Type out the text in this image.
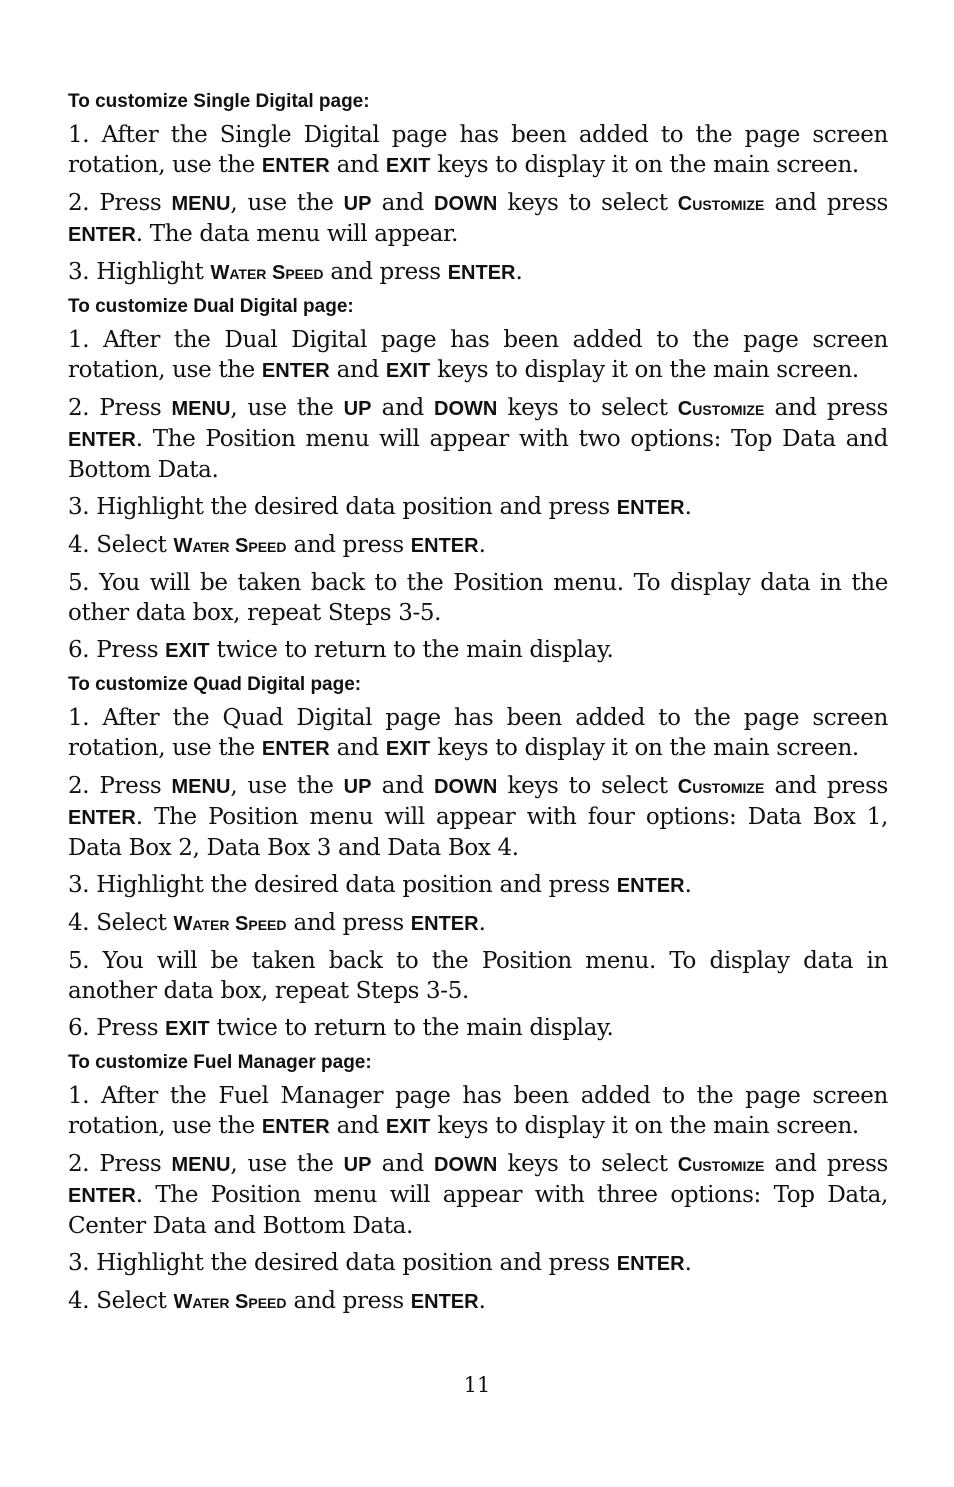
To customize Single Digital page:
1. After the Single Digital page has been added to the page screen rotation, use the ENTER and EXIT keys to display it on the main screen.
2. Press MENU, use the UP and DOWN keys to select Customize and press ENTER. The data menu will appear.
3. Highlight Water Speed and press ENTER.
To customize Dual Digital page:
1. After the Dual Digital page has been added to the page screen rotation, use the ENTER and EXIT keys to display it on the main screen.
2. Press MENU, use the UP and DOWN keys to select Customize and press ENTER. The Position menu will appear with two options: Top Data and Bottom Data.
3. Highlight the desired data position and press ENTER.
4. Select Water Speed and press ENTER.
5. You will be taken back to the Position menu. To display data in the other data box, repeat Steps 3-5.
6. Press EXIT twice to return to the main display.
To customize Quad Digital page:
1. After the Quad Digital page has been added to the page screen rotation, use the ENTER and EXIT keys to display it on the main screen.
2. Press MENU, use the UP and DOWN keys to select Customize and press ENTER. The Position menu will appear with four options: Data Box 1, Data Box 2, Data Box 3 and Data Box 4.
3. Highlight the desired data position and press ENTER.
4. Select Water Speed and press ENTER.
5. You will be taken back to the Position menu. To display data in another data box, repeat Steps 3-5.
6. Press EXIT twice to return to the main display.
To customize Fuel Manager page:
1. After the Fuel Manager page has been added to the page screen rotation, use the ENTER and EXIT keys to display it on the main screen.
2. Press MENU, use the UP and DOWN keys to select Customize and press ENTER. The Position menu will appear with three options: Top Data, Center Data and Bottom Data.
3. Highlight the desired data position and press ENTER.
4. Select Water Speed and press ENTER.
11
